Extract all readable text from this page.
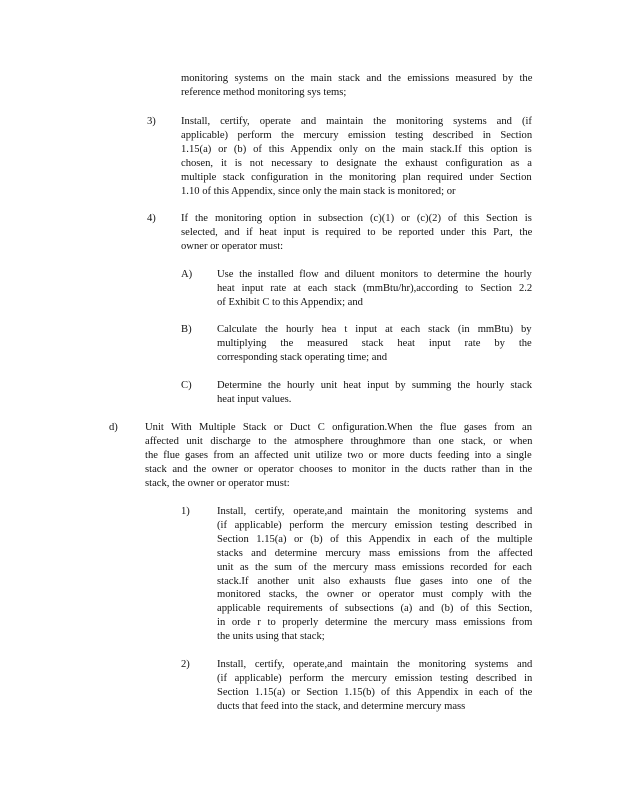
monitoring systems on the main stack and the emissions measured by the
reference method monitoring sys tems;
3) Install, certify, operate and maintain the monitoring systems and (if
applicable) perform the mercury emission testing described in Section
1.15(a) or (b) of this Appendix only on the main stack.If this option is
chosen, it is not necessary to designate the exhaust configuration as a
multiple stack configuration in the monitoring plan required under Section
1.10 of this Appendix, since only the main stack is monitored; or
4) If the monitoring option in subsection (c)(1) or (c)(2) of this Section is
selected, and if heat input is required to be reported under this Part, the
owner or operator must:
A) Use the installed flow and diluent monitors to determine the hourly
heat input rate at each stack (mmBtu/hr),according to Section 2.2
of Exhibit C to this Appendix; and
B) Calculate the hourly hea t input at each stack (in mmBtu) by
multiplying the measured stack heat input rate by the
corresponding stack operating time; and
C) Determine the hourly unit heat input by summing the hourly stack
heat input values.
d)	Unit With Multiple Stack or Duct C onfiguration.When the flue gases from an
affected unit discharge to the atmosphere throughmore than one stack, or when
the flue gases from an affected unit utilize two or more ducts feeding into a single
stack and the owner or operator chooses to monitor in the ducts rather than in the
stack, the owner or operator must:
1)	Install, certify, operate,and maintain the monitoring systems and
(if applicable) perform the mercury emission testing described in
Section 1.15(a) or (b) of this Appendix in each of the multiple
stacks and determine mercury mass emissions from the affected
unit as the sum of the mercury mass emissions recorded for each
stack.If another unit also exhausts flue gases into one of the
monitored stacks, the owner or operator must comply with the
applicable requirements of subsections (a) and (b) of this Section,
in orde r to properly determine the mercury mass emissions from
the units using that stack;
2)	Install, certify, operate,and maintain the monitoring systems and
(if applicable) perform the mercury emission testing described in
Section 1.15(a) or Section 1.15(b) of this Appendix in each of the
ducts that feed into the stack, and determine mercury mass
